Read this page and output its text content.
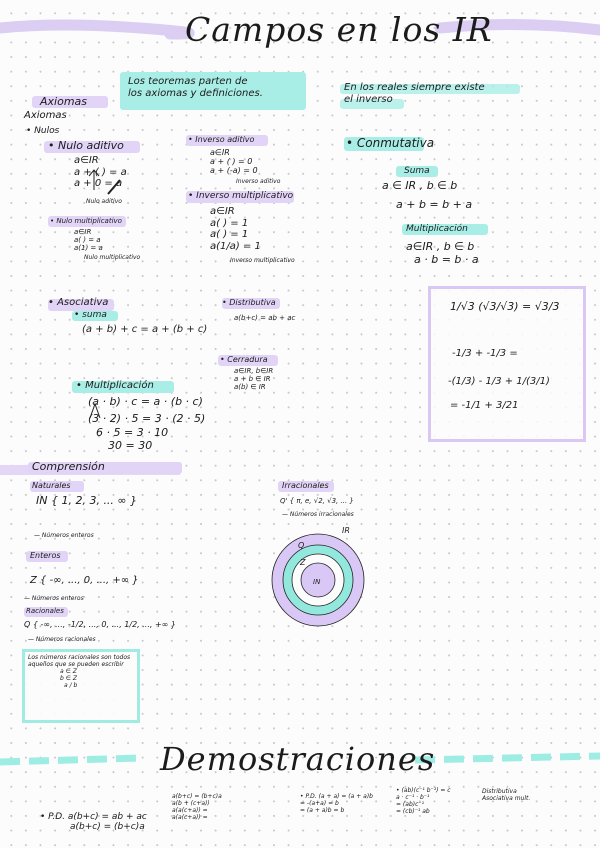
Campos en los IR
Los teoremas parten de
los axiomas y definiciones.
Axiomas
Axiomas
• Nulos
• Nulo aditivo
a∈IR
a + ( ) = a
a + 0 = a
Nulo aditivo
• Nulo multiplicativo
a∈IR
a( ) = a
a(1) = a
Nulo multiplicativo
• Inverso aditivo
a∈IR
a + ( ) = 0
a + (-a) = 0
Inverso aditivo
• Inverso multiplicativo
a∈IR
a( ) = 1
a( ) = 1
a(1/a) = 1
Inverso multiplicativo
En los reales siempre existe
el inverso
• Conmutativa
Suma
a ∈ IR , b ∈ b
a + b = b + a
Multiplicación
a∈IR , b ∈ b
a · b = b · a
• Asociativa
• suma
(a + b) + c = a + (b + c)
• Multiplicación
(a · b) · c = a · (b · c)
(3 · 2) · 5 = 3 · (2 · 5)
6 · 5 = 3 · 10
30 = 30
• Distributiva
a(b+c) = ab + ac
• Cerradura
a∈IR, b∈IR
a + b ∈ IR
a(b) ∈ IR
1/√3 (√3/√3) = √3/3
-1/3 + -1/3 =
-(1/3) - 1/3 + 1/(3/1)
= -1/1 + 3/21
Comprensión
Naturales
IN { 1, 2, 3, ... ∞ }
— Números enteros
Enteros
Z { -∞, ..., 0, ..., +∞ }
— Números enteros
Racionales
Q { -∞, ..., -1/2, ..., 0, ..., 1/2, ..., +∞ }
— Números racionales
Irracionales
Q' { π, e, √2, √3, ... }
— Números irracionales
Los números racionales son todos
aquellos que se pueden escribir
a ∈ Z
b ∈ Z
a / b
IR
Q
Z
IN
Demostraciones
• P.D. a(b+c) = ab + ac
a(b+c) = (b+c)a
a(b+c) = (b+c)a
a(b + (c+a))
a(a(c+a)) =
a(a(c+a)) =
• P.D. (a + a) = (a + a)b
= -(a+a) = b
= (a + a)b = b
• (ab)(c⁻¹ b⁻¹) = c
a · c⁻¹ · b⁻¹
= (ab)c⁻¹
= (cb)⁻¹ ab
Distributiva Asociativa mult.
